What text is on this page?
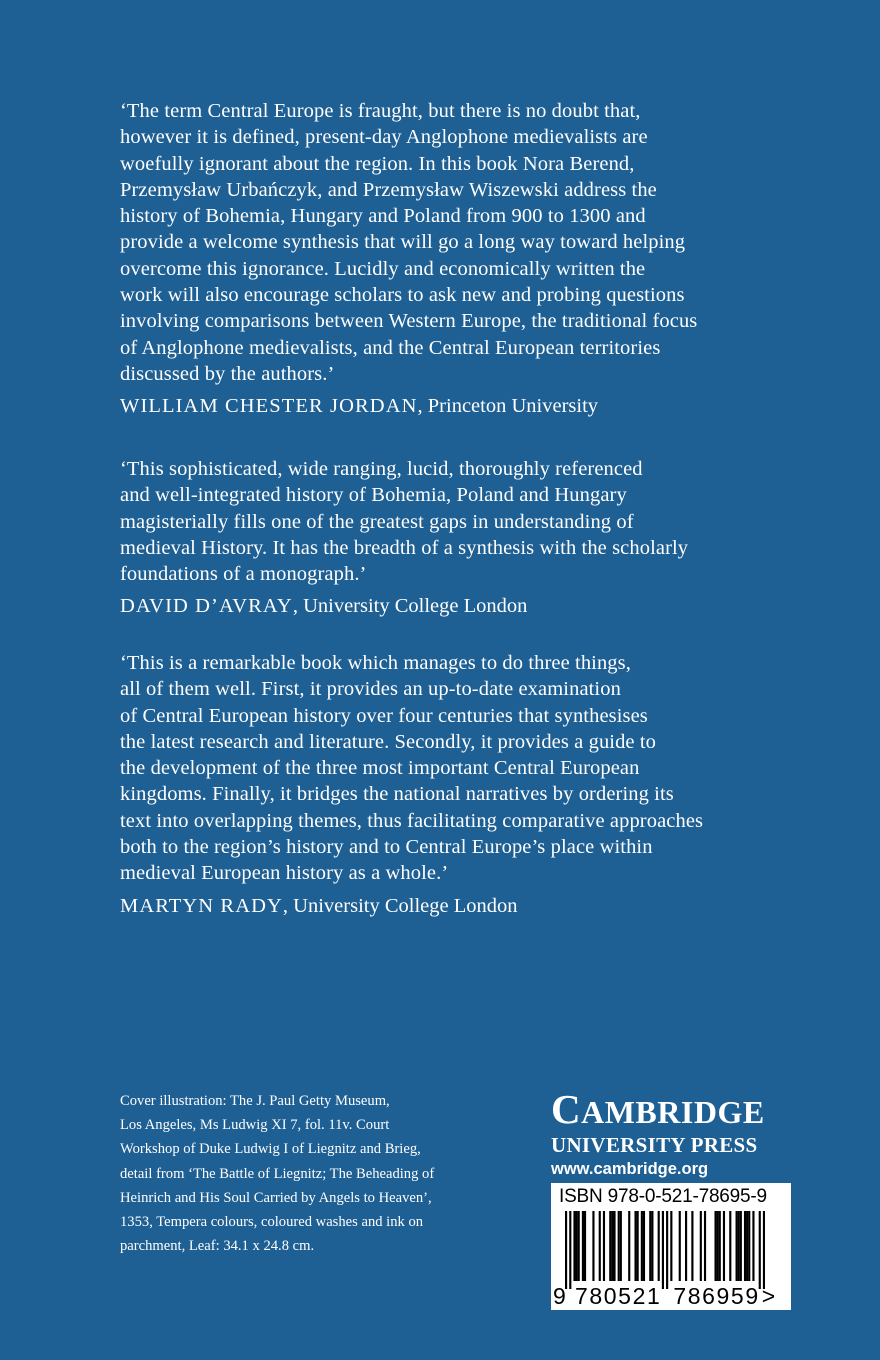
‘The term Central Europe is fraught, but there is no doubt that,
however it is defined, present-day Anglophone medievalists are
woefully ignorant about the region. In this book Nora Berend,
Przemysław Urbańczyk, and Przemysław Wiszewski address the
history of Bohemia, Hungary and Poland from 900 to 1300 and
provide a welcome synthesis that will go a long way toward helping
overcome this ignorance. Lucidly and economically written the
work will also encourage scholars to ask new and probing questions
involving comparisons between Western Europe, the traditional focus
of Anglophone medievalists, and the Central European territories
discussed by the authors.’

WILLIAM CHESTER JORDAN, Princeton University

‘This sophisticated, wide ranging, lucid, thoroughly referenced
and well-integrated history of Bohemia, Poland and Hungary
magisterially fills one of the greatest gaps in understanding of
medieval History. It has the breadth of a synthesis with the scholarly
foundations of a monograph.’

DAVID D’AVRAY, University College London

‘This is a remarkable book which manages to do three things,
all of them well. First, it provides an up-to-date examination
of Central European history over four centuries that synthesises
the latest research and literature. Secondly, it provides a guide to
the development of the three most important Central European
kingdoms. Finally, it bridges the national narratives by ordering its
text into overlapping themes, thus facilitating comparative approaches
both to the region’s history and to Central Europe’s place within
medieval European history as a whole.’

MARTYN RADY, University College London
Cover illustration: The J. Paul Getty Museum,
Los Angeles, Ms Ludwig XI 7, fol. 11v. Court
Workshop of Duke Ludwig I of Liegnitz and Brieg,
detail from ‘The Battle of Liegnitz; The Beheading of
Heinrich and His Soul Carried by Angels to Heaven’,
1353, Tempera colours, coloured washes and ink on
parchment, Leaf: 34.1 x 24.8 cm.
CAMBRIDGE
UNIVERSITY PRESS
www.cambridge.org
ISBN 978-0-521-78695-9
9 780521 786959>
